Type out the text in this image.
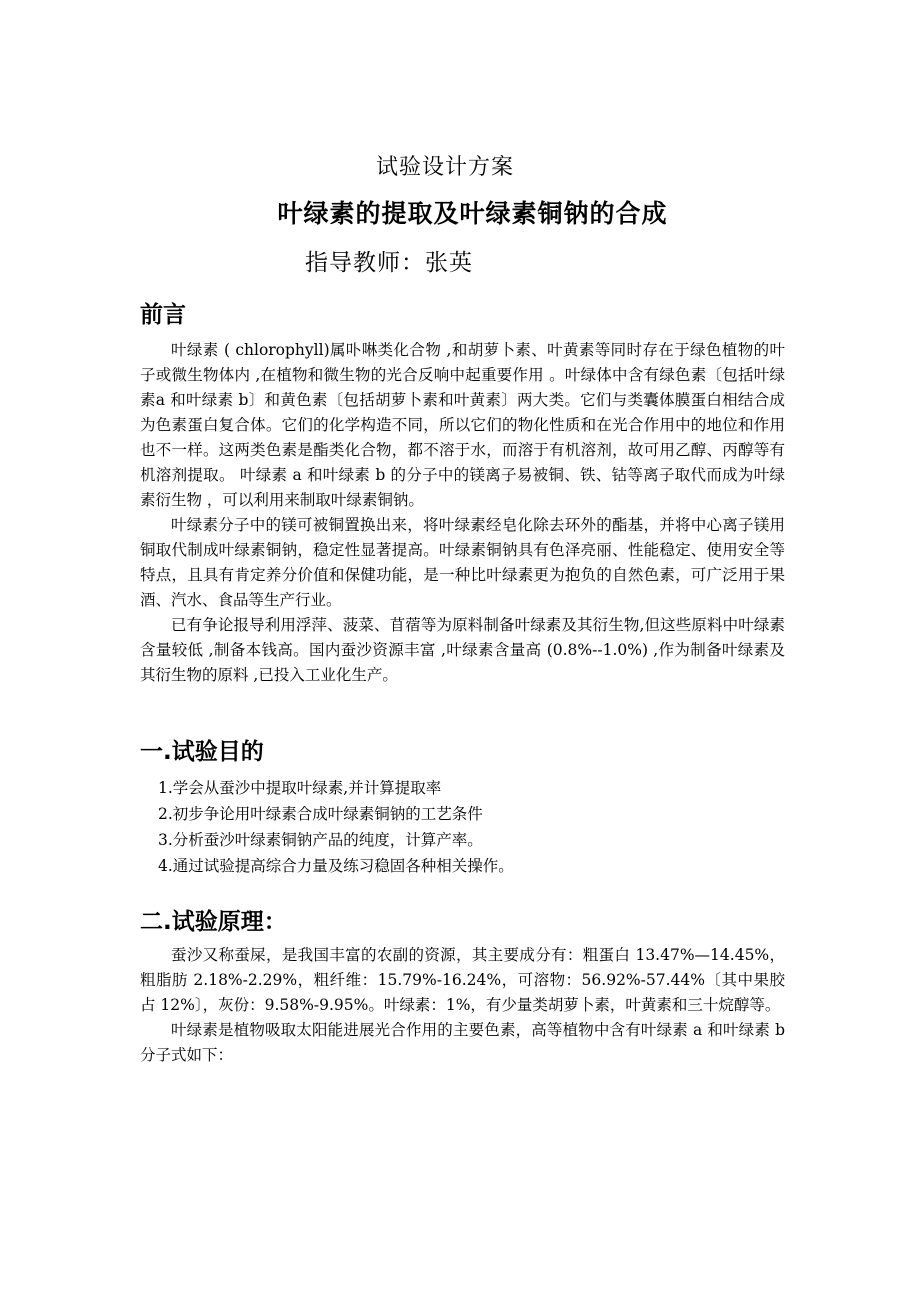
试验设计方案
叶绿素的提取及叶绿素铜钠的合成
指导教师：张英
前言

叶绿素 ( chlorophyll)属卟啉类化合物 ,和胡萝卜素、叶黄素等同时存在于绿色植物的叶子或微生物体内 ,在植物和微生物的光合反响中起重要作用 。叶绿体中含有绿色素〔包括叶绿素a 和叶绿素 b〕和黄色素〔包括胡萝卜素和叶黄素〕两大类。它们与类囊体膜蛋白相结合成为色素蛋白复合体。它们的化学构造不同，所以它们的物化性质和在光合作用中的地位和作用也不一样。这两类色素是酯类化合物，都不溶于水，而溶于有机溶剂，故可用乙醇、丙醇等有机溶剂提取。 叶绿素 a 和叶绿素 b 的分子中的镁离子易被铜、铁、钴等离子取代而成为叶绿素衍生物 ，可以利用来制取叶绿素铜钠。

叶绿素分子中的镁可被铜置换出来，将叶绿素经皂化除去环外的酯基，并将中心离子镁用铜取代制成叶绿素铜钠，稳定性显著提高。叶绿素铜钠具有色泽亮丽、性能稳定、使用安全等特点，且具有肯定养分价值和保健功能，是一种比叶绿素更为抱负的自然色素，可广泛用于果酒、汽水、食品等生产行业。

已有争论报导利用浮萍、菠菜、苜蓿等为原料制备叶绿素及其衍生物,但这些原料中叶绿素含量较低 ,制备本钱高。国内蚕沙资源丰富 ,叶绿素含量高 (0.8%--1.0%) ,作为制备叶绿素及其衍生物的原料 ,已投入工业化生产。

一.试验目的
1.学会从蚕沙中提取叶绿素,并计算提取率
2.初步争论用叶绿素合成叶绿素铜钠的工艺条件
3.分析蚕沙叶绿素铜钠产品的纯度，计算产率。
4.通过试验提高综合力量及练习稳固各种相关操作。
二.试验原理：

蚕沙又称蚕屎，是我国丰富的农副的资源，其主要成分有：粗蛋白 13.47%—14.45%，粗脂肪 2.18%-2.29%，粗纤维：15.79%-16.24%，可溶物：56.92%-57.44%〔其中果胶占 12%〕，灰份：9.58%-9.95%。叶绿素：1%，有少量类胡萝卜素，叶黄素和三十烷醇等。

叶绿素是植物吸取太阳能进展光合作用的主要色素，高等植物中含有叶绿素 a 和叶绿素 b 分子式如下：
